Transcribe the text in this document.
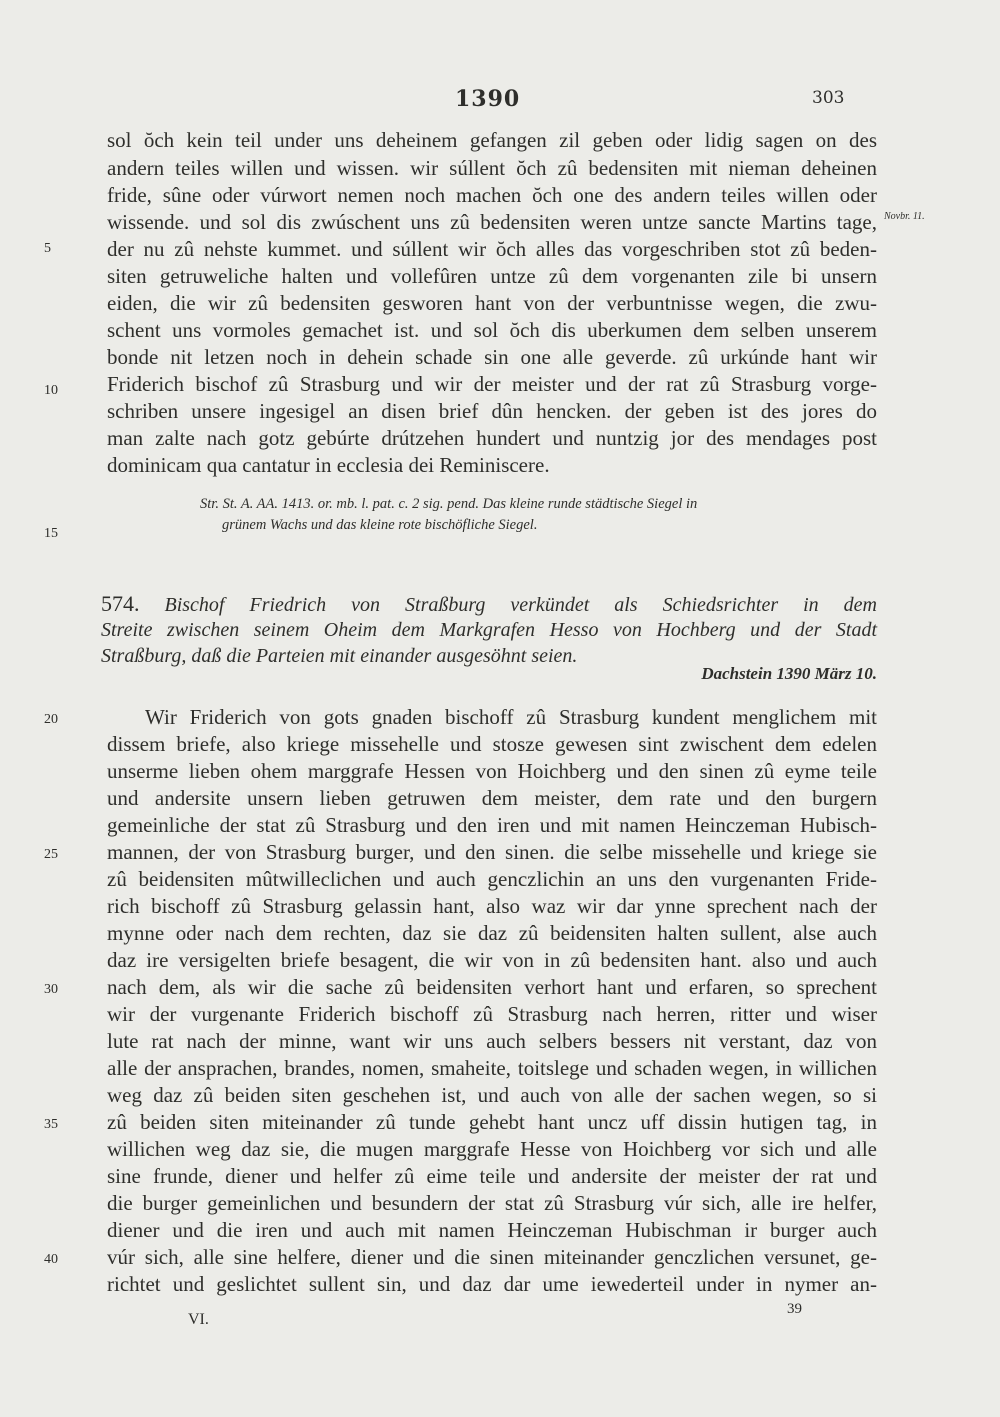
1390	303
Novbr. 11.
5
10
15
20
25
30
35
40
sol ŏch kein teil under uns deheinem gefangen zil geben oder lidig sagen on des
andern teiles willen und wissen. wir súllent ŏch zû bedensiten mit nieman deheinen
fride, sûne oder vúrwort nemen noch machen ŏch one des andern teiles willen oder
wissende. und sol dis zwúschent uns zû bedensiten weren untze sancte Martins tage,
der nu zû nehste kummet. und súllent wir ŏch alles das vorgeschriben stot zû beden-
siten getruweliche halten und vollefûren untze zû dem vorgenanten zile bi unsern
eiden, die wir zû bedensiten gesworen hant von der verbuntnisse wegen, die zwu-
schent uns vormoles gemachet ist. und sol ŏch dis uberkumen dem selben unserem
bonde nit letzen noch in dehein schade sin one alle geverde. zû urkúnde hant wir
Friderich bischof zû Strasburg und wir der meister und der rat zû Strasburg vorge-
schriben unsere ingesigel an disen brief dûn hencken. der geben ist des jores do
man zalte nach gotz gebúrte drútzehen hundert und nuntzig jor des mendages post
dominicam qua cantatur in ecclesia dei Reminiscere.
Str. St. A. AA. 1413. or. mb. l. pat. c. 2 sig. pend. Das kleine runde städtische Siegel in
grünem Wachs und das kleine rote bischöfliche Siegel.
574. Bischof Friedrich von Straßburg verkündet als Schiedsrichter in dem
Streite zwischen seinem Oheim dem Markgrafen Hesso von Hochberg und der Stadt
Straßburg, daß die Parteien mit einander ausgesöhnt seien.
Dachstein 1390 März 10.
Wir Friderich von gots gnaden bischoff zû Strasburg kundent menglichem mit
dissem briefe, also kriege missehelle und stosze gewesen sint zwischent dem edelen
unserme lieben ohem marggrafe Hessen von Hoichberg und den sinen zû eyme teile
und andersite unsern lieben getruwen dem meister, dem rate und den burgern
gemeinliche der stat zû Strasburg und den iren und mit namen Heinczeman Hubisch-
mannen, der von Strasburg burger, und den sinen. die selbe missehelle und kriege sie
zû beidensiten mûtwilleclichen und auch genczlichin an uns den vurgenanten Fride-
rich bischoff zû Strasburg gelassin hant, also waz wir dar ynne sprechent nach der
mynne oder nach dem rechten, daz sie daz zû beidensiten halten sullent, alse auch
daz ire versigelten briefe besagent, die wir von in zû bedensiten hant. also und auch
nach dem, als wir die sache zû beidensiten verhort hant und erfaren, so sprechent
wir der vurgenante Friderich bischoff zû Strasburg nach herren, ritter und wiser
lute rat nach der minne, want wir uns auch selbers bessers nit verstant, daz von
alle der ansprachen, brandes, nomen, smaheite, toitslege und schaden wegen, in willichen
weg daz zû beiden siten geschehen ist, und auch von alle der sachen wegen, so si
zû beiden siten miteinander zû tunde gehebt hant uncz uff dissin hutigen tag, in
willichen weg daz sie, die mugen marggrafe Hesse von Hoichberg vor sich und alle
sine frunde, diener und helfer zû eime teile und andersite der meister der rat und
die burger gemeinlichen und besundern der stat zû Strasburg vúr sich, alle ire helfer,
diener und die iren und auch mit namen Heinczeman Hubischman ir burger auch
vúr sich, alle sine helfere, diener und die sinen miteinander genczlichen versunet, ge-
richtet und geslichtet sullent sin, und daz dar ume iewederteil under in nymer an-
VI.
39
